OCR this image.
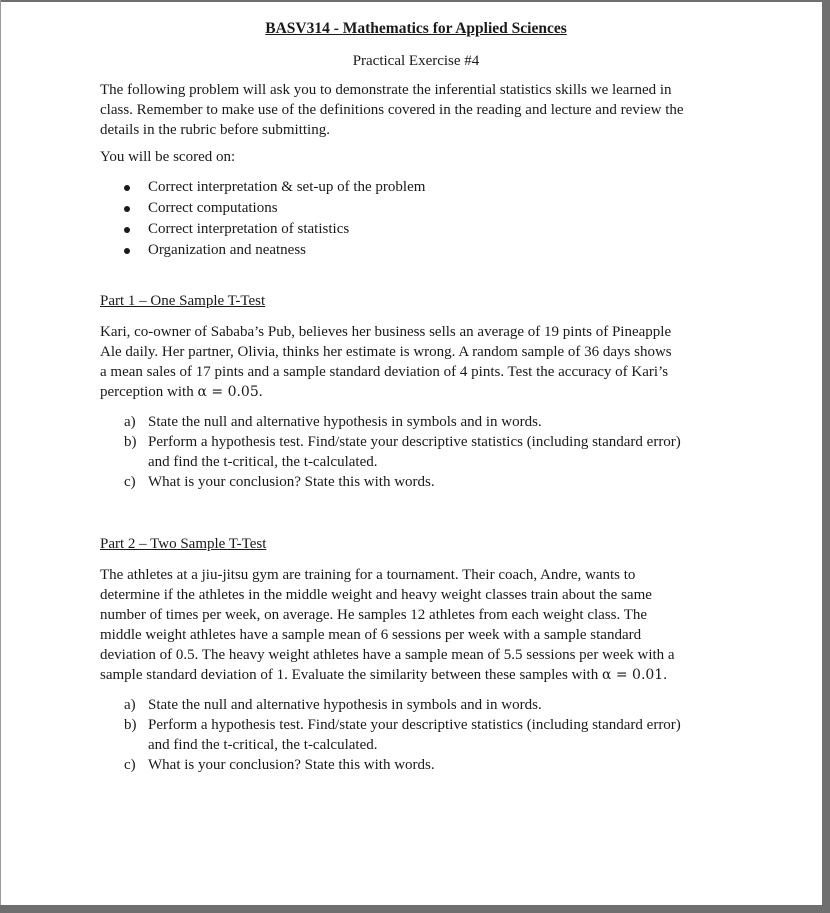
BASV314 - Mathematics for Applied Sciences
Practical Exercise #4

The following problem will ask you to demonstrate the inferential statistics skills we learned in
class. Remember to make use of the definitions covered in the reading and lecture and review the
details in the rubric before submitting.

You will be scored on:

Correct interpretation & set-up of the problem
Correct computations
Correct interpretation of statistics
Organization and neatness
Part 1 – One Sample T-Test

Kari, co-owner of Sababa’s Pub, believes her business sells an average of 19 pints of Pineapple
Ale daily. Her partner, Olivia, thinks her estimate is wrong. A random sample of 36 days shows
a mean sales of 17 pints and a sample standard deviation of 4 pints. Test the accuracy of Kari’s
perception with α = 0.05.

a) State the null and alternative hypothesis in symbols and in words.
b) Perform a hypothesis test. Find/state your descriptive statistics (including standard error)
and find the t-critical, the t-calculated.
c) What is your conclusion? State this with words.
Part 2 – Two Sample T-Test

The athletes at a jiu-jitsu gym are training for a tournament. Their coach, Andre, wants to
determine if the athletes in the middle weight and heavy weight classes train about the same
number of times per week, on average. He samples 12 athletes from each weight class. The
middle weight athletes have a sample mean of 6 sessions per week with a sample standard
deviation of 0.5. The heavy weight athletes have a sample mean of 5.5 sessions per week with a
sample standard deviation of 1. Evaluate the similarity between these samples with α = 0.01.

a) State the null and alternative hypothesis in symbols and in words.
b) Perform a hypothesis test. Find/state your descriptive statistics (including standard error)
and find the t-critical, the t-calculated.
c) What is your conclusion? State this with words.
